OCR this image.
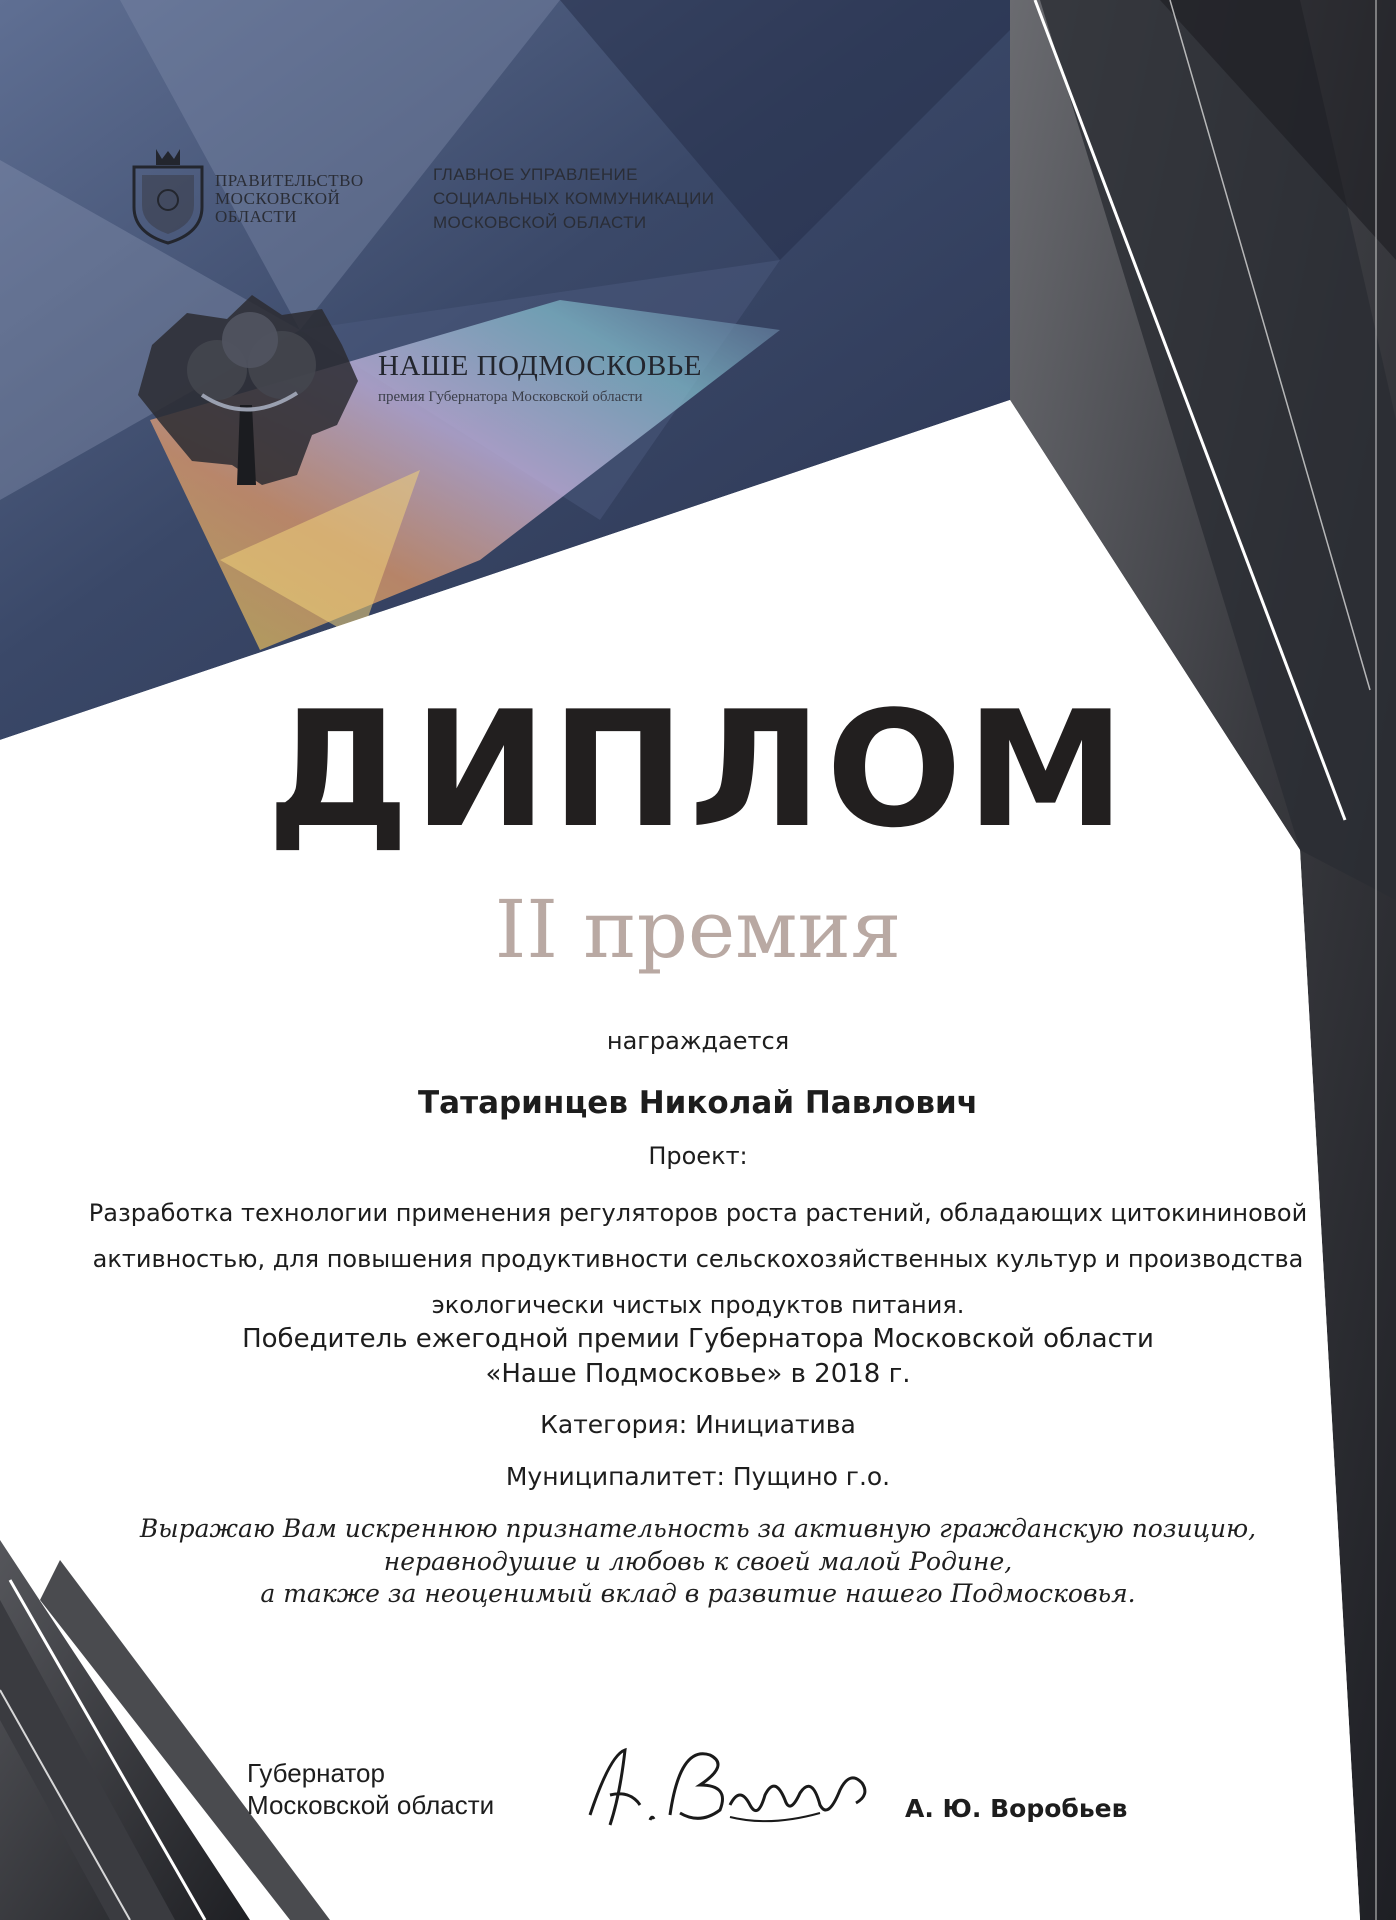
ПРАВИТЕЛЬСТВО
МОСКОВСКОЙ
ОБЛАСТИ
ГЛАВНОЕ УПРАВЛЕНИЕ
СОЦИАЛЬНЫХ КОММУНИКАЦИИ
МОСКОВСКОЙ ОБЛАСТИ
НАШЕ ПОДМОСКОВЬЕ
премия Губернатора Московской области
ДИПЛОМ
II премия
награждается
Татаринцев Николай Павлович
Проект:
Разработка технологии применения регуляторов роста растений, обладающих цитокининовой
активностью, для повышения продуктивности сельскохозяйственных культур и производства
экологически чистых продуктов питания.
Победитель ежегодной премии Губернатора Московской области
«Наше Подмосковье» в 2018 г.
Категория: Инициатива
Муниципалитет: Пущино г.о.
Выражаю Вам искреннюю признательность за активную гражданскую позицию,
неравнодушие и любовь к своей малой Родине,
а также за неоценимый вклад в развитие нашего Подмосковья.
Губернатор
Московской области	А. Ю. Воробьев
